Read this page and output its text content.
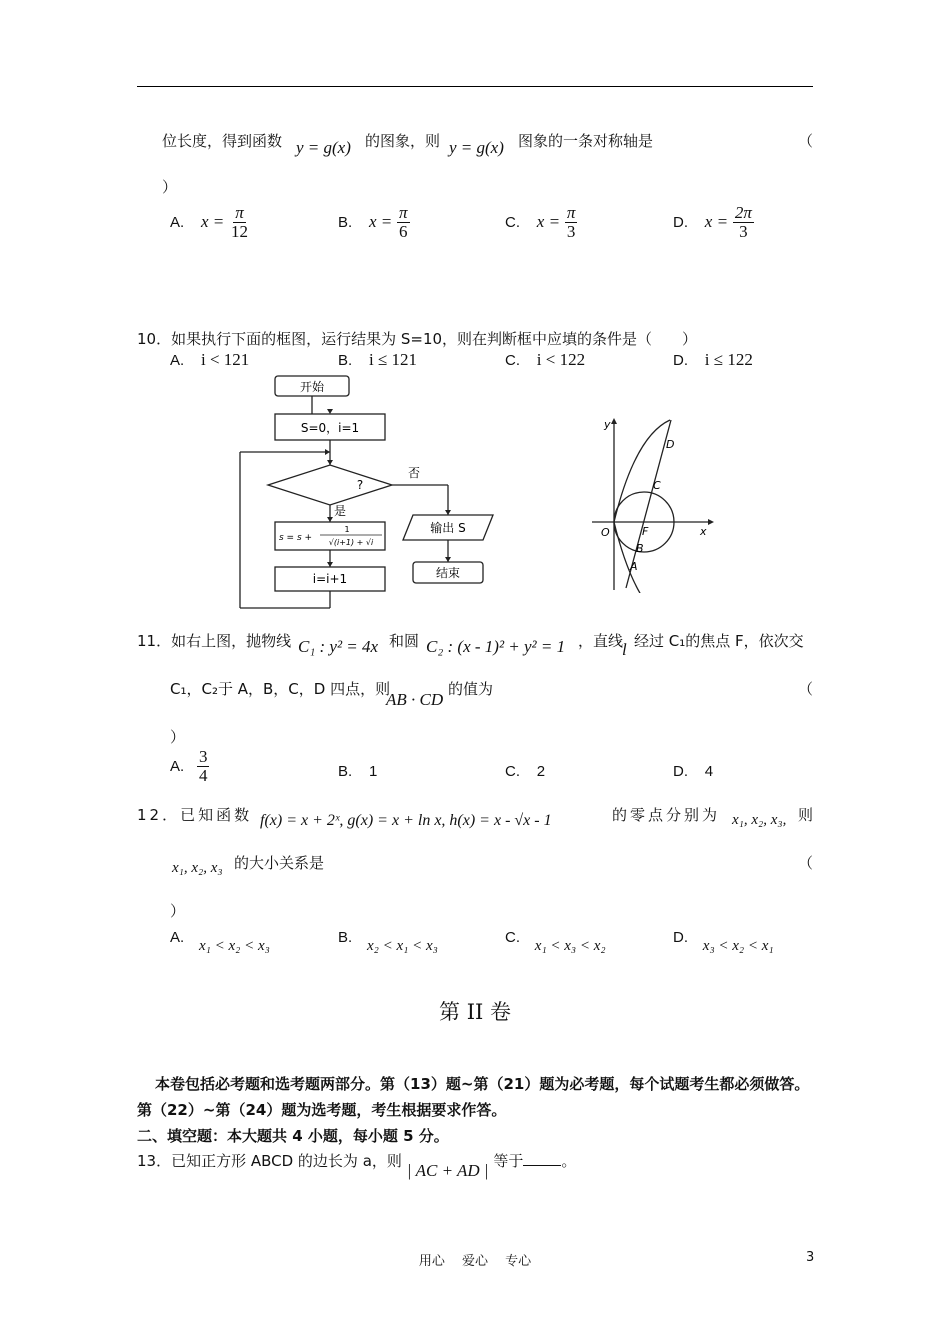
位长度，得到函数 y = g(x) 的图象，则 y = g(x) 图象的一条对称轴是	（
）
A. $x = \frac{\pi}{12}$	B. $x = \frac{\pi}{6}$	C. $x = \frac{\pi}{3}$	D. $x = \frac{2\pi}{3}$
10．如果执行下面的框图，运行结果为 S=10，则在判断框中应填的条件是（　　）
A. i < 121	B. i ≤ 121	C. i < 122	D. i ≤ 122
开始
S=0，i=1
?
否
是
s = s +
1
√(i+1) + √i
输出 S
i=i+1	结束
y
x
O	F
A
B
C
D
11．如右上图，抛物线 C₁ : y² = 4x 和圆 C₂ : (x - 1)² + y² = 1 ，直线
l 经过 C₁的焦点 F，依次交
C₁，C₂于 A，B，C，D 四点，则
AB · CD
的值为	（
）
A. $\frac{3}{4}$	B. 1	C. 2	D. 4
12．已知函数 f(x) = x + 2ˣ, g(x) = x + ln x, h(x) = x - √x - 1	的零点分别为 x₁, x₂, x₃, 则
x₁, x₂, x₃ 的大小关系是	（
）
A. x₁ < x₂ < x₃	B. x₂ < x₁ < x₃	C. x₁ < x₃ < x₂	D. x₃ < x₂ < x₁
第 II 卷
本卷包括必考题和选考题两部分。第（13）题~第（21）题为必考题，每个试题考生都必须做答。
第（22）~第（24）题为选考题，考生根据要求作答。
二、填空题：本大题共 4 小题，每小题 5 分。
13．已知正方形 ABCD 的边长为 a，则 | AC + AD | 等于	。
用心　 爱心　 专心	3
